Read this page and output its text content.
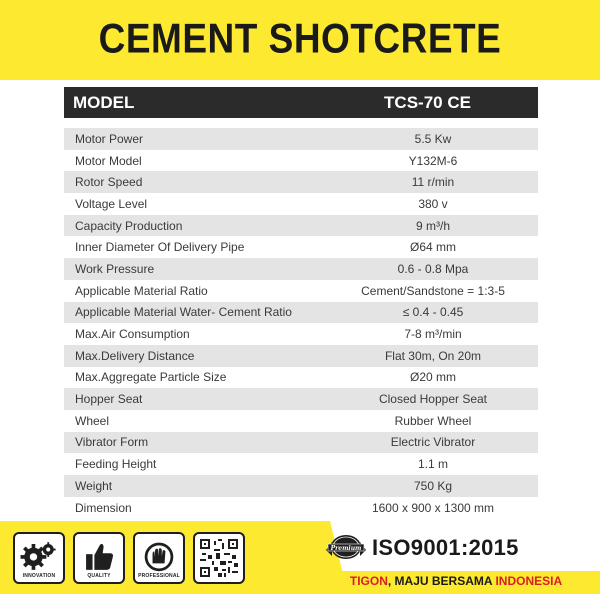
CEMENT SHOTCRETE
MODEL	TCS-70 CE
Motor Power	5.5 Kw
Motor Model	Y132M-6
Rotor Speed	11 r/min
Voltage Level	380 v
Capacity Production	9 m³/h
Inner Diameter Of Delivery Pipe	Ø64 mm
Work Pressure	0.6 - 0.8 Mpa
Applicable Material Ratio	Cement/Sandstone = 1:3-5
Applicable Material Water- Cement Ratio	≤ 0.4 - 0.45
Max.Air Consumption	7-8 m³/min
Max.Delivery Distance	Flat 30m, On 20m
Max.Aggregate Particle Size	Ø20 mm
Hopper Seat	Closed Hopper Seat
Wheel	Rubber Wheel
Vibrator Form	Electric Vibrator
Feeding Height	1.1 m
Weight	750 Kg
Dimension	1600 x 900 x 1300 mm
INNOVATION	QUALITY	PROFESSIONAL
Premium ISO9001:2015
TIGON, MAJU BERSAMA INDONESIA
